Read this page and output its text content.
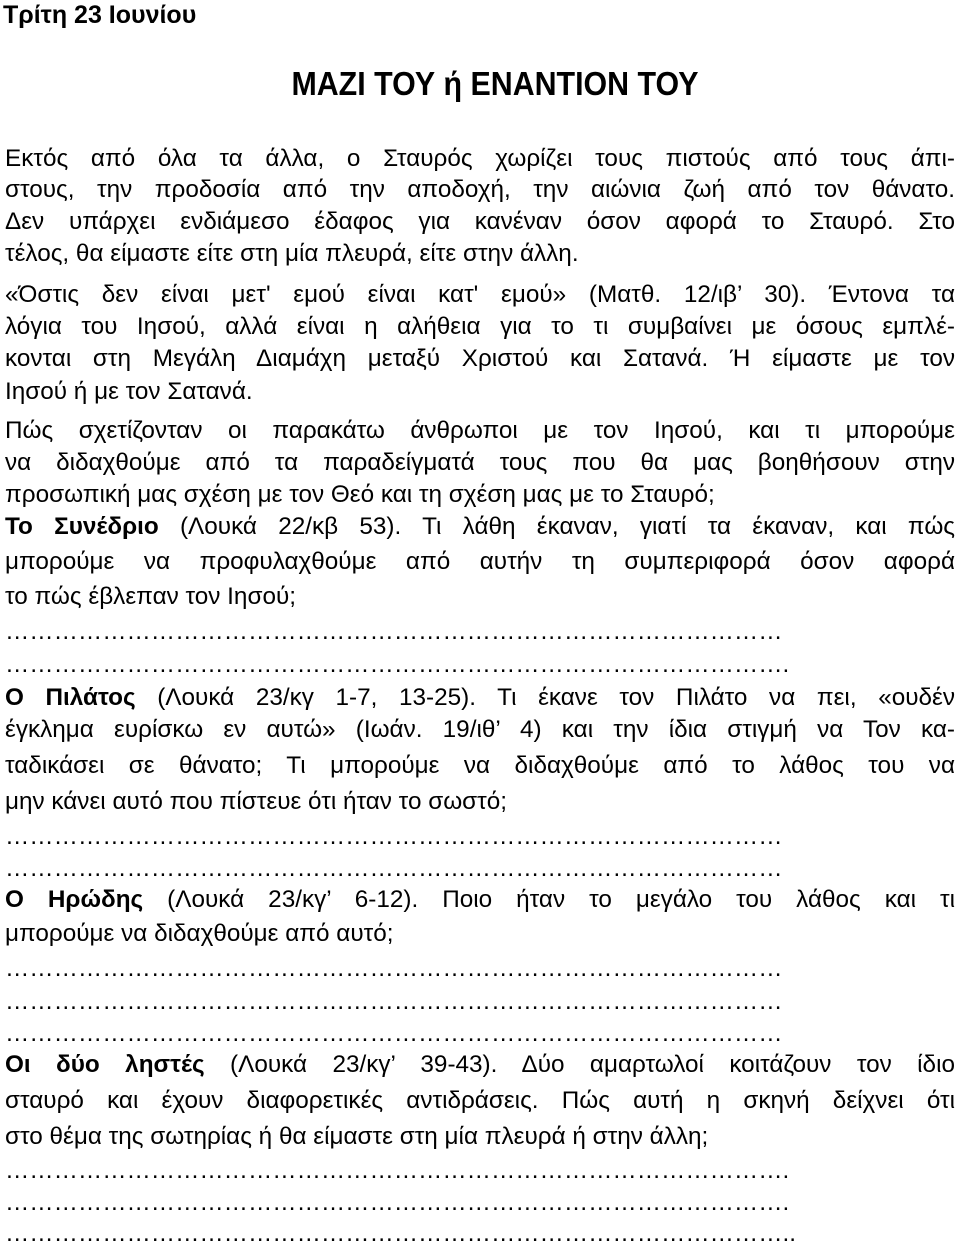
Τρίτη 23 Ιουνίου
ΜΑΖΙ ΤΟΥ ή ΕΝΑΝΤΙΟΝ ΤΟΥ
Εκτός από όλα τα άλλα, ο Σταυρός χωρίζει τους πιστούς από τους άπι-
στους, την προδοσία από την αποδοχή, την αιώνια ζωή από τον θάνατο.
Δεν υπάρχει ενδιάμεσο έδαφος για κανέναν όσον αφορά το Σταυρό. Στο
τέλος, θα είμαστε είτε στη μία πλευρά, είτε στην άλλη.
«Όστις δεν είναι μετ' εμού είναι κατ' εμού» (Ματθ. 12/ιβ’ 30). Έντονα τα
λόγια του Ιησού, αλλά είναι η αλήθεια για το τι συμβαίνει με όσους εμπλέ-
κονται στη Μεγάλη Διαμάχη μεταξύ Χριστού και Σατανά. Ή είμαστε με τον
Ιησού ή με τον Σατανά.
Πώς σχετίζονταν οι παρακάτω άνθρωποι με τον Ιησού, και τι μπορούμε
να διδαχθούμε από τα παραδείγματά τους που θα μας βοηθήσουν στην
προσωπική μας σχέση με τον Θεό και τη σχέση μας με το Σταυρό;
Το Συνέδριο (Λουκά 22/κβ 53). Τι λάθη έκαναν, γιατί τα έκαναν, και πώς
μπορούμε να προφυλαχθούμε από αυτήν τη συμπεριφορά όσον αφορά
το πώς έβλεπαν τον Ιησού;
……………………………………………………………………………………
…………………………………………………………………………………….
Ο Πιλάτος (Λουκά 23/κγ 1-7, 13-25). Τι έκανε τον Πιλάτο να πει, «ουδέν
έγκλημα ευρίσκω εν αυτώ» (Ιωάν. 19/ιθ’ 4) και την ίδια στιγμή να Τον κα-
ταδικάσει σε θάνατο; Τι μπορούμε να διδαχθούμε από το λάθος του να
μην κάνει αυτό που πίστευε ότι ήταν το σωστό;
……………………………………………………………………………………
……………………………………………………………………………………
Ο Ηρώδης (Λουκά 23/κγ’ 6-12). Ποιο ήταν το μεγάλο του λάθος και τι
μπορούμε να διδαχθούμε από αυτό;
……………………………………………………………………………………
……………………………………………………………………………………
……………………………………………………………………………………
Οι δύο ληστές (Λουκά 23/κγ’ 39-43). Δύο αμαρτωλοί κοιτάζουν τον ίδιο
σταυρό και έχουν διαφορετικές αντιδράσεις. Πώς αυτή η σκηνή δείχνει ότι
στο θέμα της σωτηρίας ή θα είμαστε στη μία πλευρά ή στην άλλη;
…………………………………………………………………………………….
…………………………………………………………………………………….
……………………………………………………………………………………..
